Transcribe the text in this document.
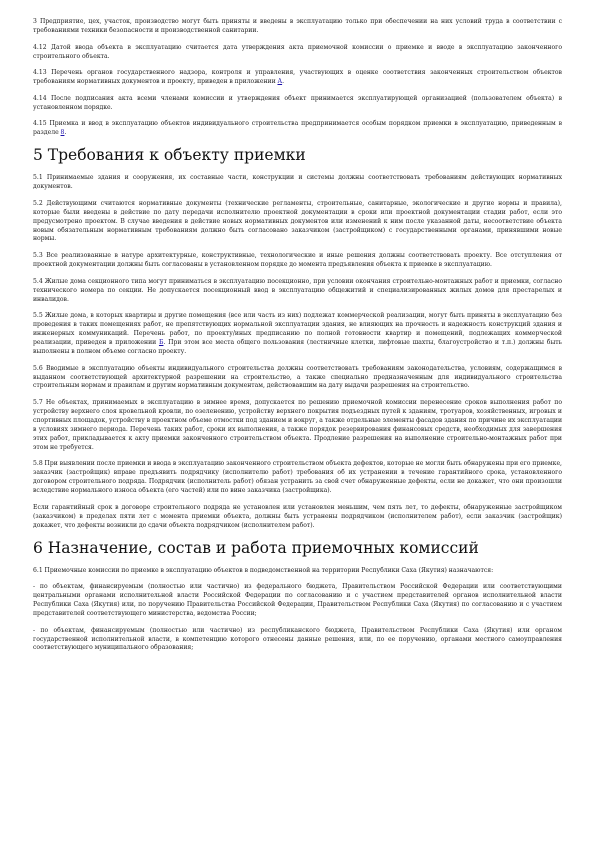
3 Предприятие, цех, участок, производство могут быть приняты и введены в эксплуатацию только при обеспечении на них условий труда в соответствии с требованиями техники безопасности и производственной санитарии.

4.12 Датой ввода объекта в эксплуатацию считается дата утверждения акта приемочной комиссии о приемке и вводе в эксплуатацию законченного строительного объекта.

4.13 Перечень органов государственного надзора, контроля и управления, участвующих в оценке соответствия законченных строительством объектов требованиям нормативных документов и проекту, приведен в приложении А.

4.14 После подписания акта всеми членами комиссии и утверждения объект принимается эксплуатирующей организацией (пользователем объекта) в установленном порядке.

4.15 Приемка и ввод в эксплуатацию объектов индивидуального строительства предпринимается особым порядком приемки в эксплуатацию, приведенным в разделе 8.

5 Требования к объекту приемки

5.1 Принимаемые здания и сооружения, их составные части, конструкции и системы должны соответствовать требованиям действующих нормативных документов.

5.2 Действующими считаются нормативные документы (технические регламенты, строительные, санитарные, экологические и другие нормы и правила), которые были введены в действие по дату передачи исполнителю проектной документации в сроки или проектной документации стадии работ, если это предусмотрено проектом. В случае введения в действие новых нормативных документов или изменений к ним после указанной даты, несоответствие объекта новым обязательным нормативным требованиям должно быть согласовано заказчиком (застройщиком) с государственными органами, принявшими новые нормы.

5.3 Все реализованные в натуре архитектурные, конструктивные, технологические и иные решения должны соответствовать проекту. Все отступления от проектной документации должны быть согласованы в установленном порядке до момента предъявления объекта к приемке в эксплуатацию.

5.4 Жилые дома секционного типа могут приниматься в эксплуатацию посекционно, при условии окончания строительно-монтажных работ и приемки, согласно технического номера по секции. Не допускается посекционный ввод в эксплуатацию общежитий и специализированных жилых домов для престарелых и инвалидов.

5.5 Жилые дома, в которых квартиры и другие помещения (все или часть из них) подлежат коммерческой реализации, могут быть приняты в эксплуатацию без проведения в таких помещениях работ, не препятствующих нормальной эксплуатации здания, не влияющих на прочность и надежность конструкций здания и инженерных коммуникаций. Перечень работ, по проекту/иных предписанию по полной готовности квартир и помещений, подлежащих коммерческой реализации, приведен в приложении Б. При этом все места общего пользования (лестничные клетки, лифтовые шахты, благоустройство и т.п.) должны быть выполнены в полном объеме согласно проекту.

5.6 Вводимые в эксплуатацию объекты индивидуального строительства должны соответствовать требованиям законодательства, условиям, содержащимся в выданном соответствующей архитектурной разрешении на строительство, а также специально предназначенным для индивидуального строительства строительным нормам и правилам и другим нормативным документам, действовавшим на дату выдачи разрешения на строительство.

5.7 Не объектах, принимаемых в эксплуатацию в зимнее время, допускается по решению приемочной комиссии перенесение сроков выполнения работ по устройству верхнего слоя кровельной кровли, по озеленению, устройству верхнего покрытия подъездных путей к зданиям, тротуаров, хозяйственных, игровых и спортивных площадок, устройству в проектном объеме отмостки под зданием и вокруг, а также отдельные элементы фасадов здания по причине их эксплуатации в условиях зимнего периода. Перечень таких работ, сроки их выполнения, а также порядок резервирования финансовых средств, необходимых для завершения этих работ, прикладывается к акту приемки законченного строительством объекта. Продление разрешения на выполнение строительно-монтажных работ при этом не требуется.

5.8 При выявлении после приемки и ввода в эксплуатацию законченного строительством объекта дефектов, которые не могли быть обнаружены при его приемке, заказчик (застройщик) вправе предъявить подрядчику (исполнителю работ) требования об их устранении в течение гарантийного срока, установленного договором строительного подряда. Подрядчик (исполнитель работ) обязан устранить за свой счет обнаруженные дефекты, если не докажет, что они произошли вследствие нормального износа объекта (его частей) или по вине заказчика (застройщика).

Если гарантийный срок в договоре строительного подряда не установлен или установлен меньшим, чем пять лет, то дефекты, обнаруженные застройщиком (заказчиком) в пределах пяти лет с момента приемки объекта, должны быть устранены подрядчиком (исполнителем работ), если заказчик (застройщик) докажет, что дефекты возникли до сдачи объекта подрядчиком (исполнителем работ).

6 Назначение, состав и работа приемочных комиссий

6.1 Приемочные комиссии по приемке в эксплуатацию объектов в подведомственной на территории Республики Саха (Якутия) назначаются:

- по объектам, финансируемым (полностью или частично) из федерального бюджета, Правительством Российской Федерации или соответствующими центральными органами исполнительной власти Российской Федерации по согласованию и с участием представителей органов исполнительной власти Республики Саха (Якутия) или, по поручению Правительства Российской Федерации, Правительством Республики Саха (Якутия) по согласованию и с участием представителей соответствующего министерства, ведомства России;

- по объектам, финансируемым (полностью или частично) из республиканского бюджета, Правительством Республики Саха (Якутия) или органом государственной исполнительной власти, в компетенцию которого отнесены данные решения, или, по ее поручению, органами местного самоуправления соответствующего муниципального образования;
